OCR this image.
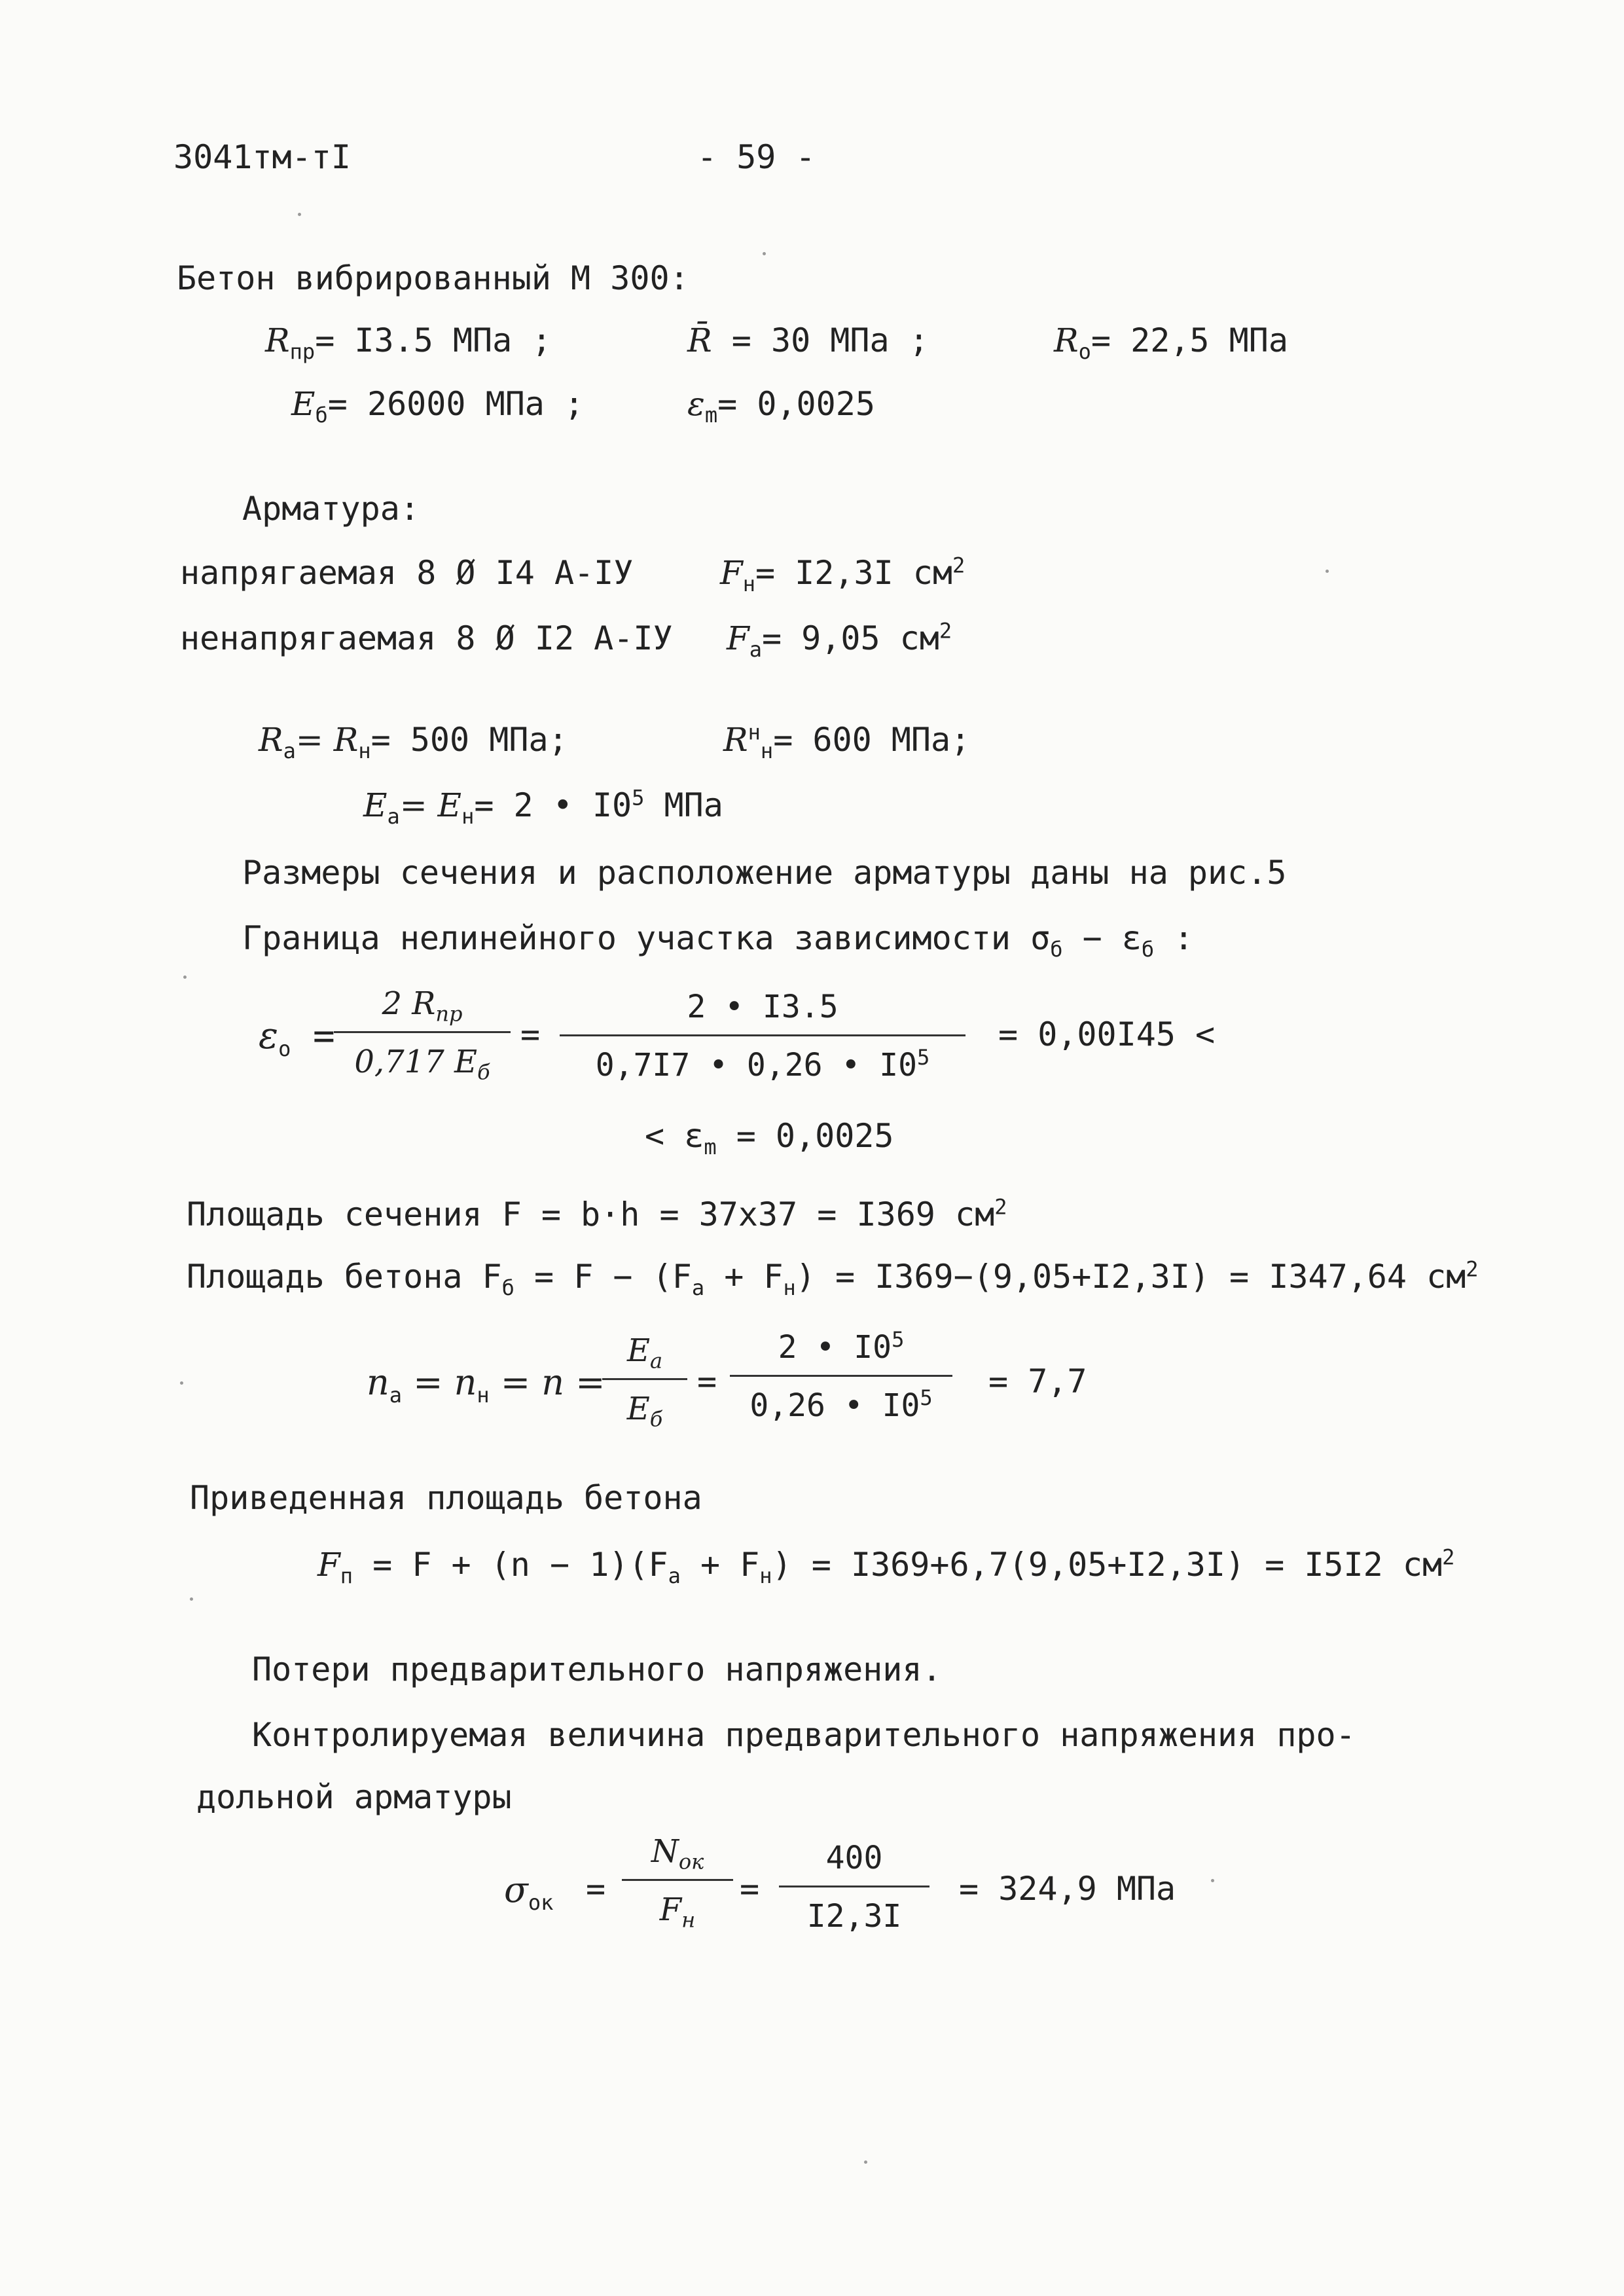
3041тм-тI	- 59 -
Бетон вибрированный М 300:
$R_{пр}= I3.5$ МПа ;	R̄ = 30 МПа ;	$R_о= 22,5$ МПа
$E_б= 26000$ МПа ;	$\varepsilon_m= 0,0025$
Арматура:
напрягаемая 8 Ø I4 А-IУ	$F_н= I2,3I$ $см^2$
ненапрягаемая 8 Ø I2 А-IУ $F_а= 9,05$ $см^2$
$R_а= R_н= 500$ МПа;	$R^н_н= 600$ МПа;
$E_а= E_н= 2$ • $I0^5$ МПа
Размеры сечения и расположение арматуры даны на рис.5
Граница нелинейного участка зависимости $\sigma_б - \varepsilon_б$ :
$\varepsilon_о$ =
2 $R_{пр}$
0,717 $E_б$
= $\frac{2 • I3.5}{0,7I7 • 0,26 • I0^5} = 0,00I45$ <
< $\varepsilon_m = 0,0025$
Площадь сечения F = b·h = 37x37 = I369 $см^2$
Площадь бетона $F_б = F - (F_а + F_н) = I369-(9,05+I2,3I) = I347,64$ $см^2$
$n_а = n_н = n$ =
$E_а$
$E_б$
= $\frac{2 • I0^5}{0,26 • I0^5} = 7,7$
Приведенная площадь бетона
$F_п = F + (n - 1)(F_а + F_н) = I369+6,7(9,05+I2,3I) = I5I2$ $см^2$
Потери предварительного напряжения.
Контролируемая величина предварительного напряжения про-
дольной арматуры
$\sigma_{ок}$ =
$N_{ок}$
$F_н$
= $\frac{400}{I2,3I} = 324,9$ МПа
